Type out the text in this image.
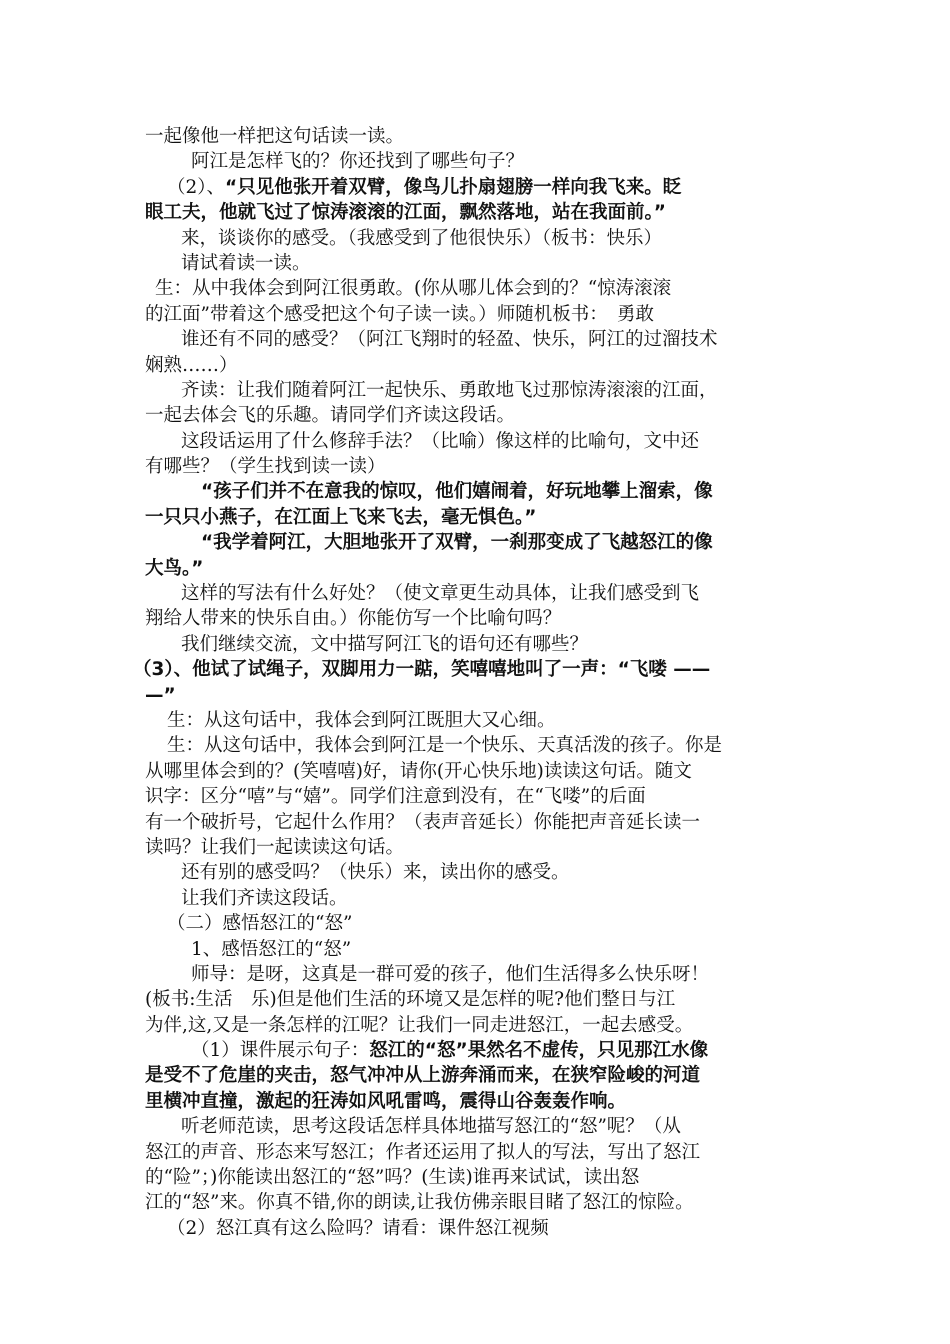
一起像他一样把这句话读一读。
阿江是怎样飞的？你还找到了哪些句子？
（2）、“只见他张开着双臂，像鸟儿扑扇翅膀一样向我飞来。眨
眼工夫，他就飞过了惊涛滚滚的江面，飘然落地，站在我面前。”
来，谈谈你的感受。（我感受到了他很快乐）（板书：快乐）
请试着读一读。
生：从中我体会到阿江很勇敢。(你从哪儿体会到的？“惊涛滚滚
的江面”带着这个感受把这个句子读一读。）师随机板书：　勇敢
谁还有不同的感受？（阿江飞翔时的轻盈、快乐，阿江的过溜技术
娴熟……）
齐读：让我们随着阿江一起快乐、勇敢地飞过那惊涛滚滚的江面，
一起去体会飞的乐趣。请同学们齐读这段话。
这段话运用了什么修辞手法？（比喻）像这样的比喻句，文中还
有哪些？（学生找到读一读）
“孩子们并不在意我的惊叹，他们嬉闹着，好玩地攀上溜索，像
一只只小燕子，在江面上飞来飞去，毫无惧色。”
“我学着阿江，大胆地张开了双臂，一刹那变成了飞越怒江的像
大鸟。”
这样的写法有什么好处？（使文章更生动具体，让我们感受到飞
翔给人带来的快乐自由。）你能仿写一个比喻句吗？
我们继续交流，文中描写阿江飞的语句还有哪些？
（3）、他试了试绳子，双脚用力一踮，笑嘻嘻地叫了一声：“飞喽 ——
—”
生：从这句话中，我体会到阿江既胆大又心细。
生：从这句话中，我体会到阿江是一个快乐、天真活泼的孩子。你是
从哪里体会到的？(笑嘻嘻)好，请你(开心快乐地)读读这句话。随文
识字：区分“嘻”与“嬉”。同学们注意到没有，在“飞喽”的后面
有一个破折号，它起什么作用？（表声音延长）你能把声音延长读一
读吗？让我们一起读读这句话。
还有别的感受吗？（快乐）来，读出你的感受。
让我们齐读这段话。
（二）感悟怒江的“怒”
1、感悟怒江的“怒”
师导：是呀，这真是一群可爱的孩子，他们生活得多么快乐呀！
(板书:生活　乐)但是他们生活的环境又是怎样的呢?他们整日与江
为伴,这,又是一条怎样的江呢？让我们一同走进怒江，一起去感受。
（1）课件展示句子：怒江的“怒”果然名不虚传，只见那江水像
是受不了危崖的夹击，怒气冲冲从上游奔涌而来，在狭窄险峻的河道
里横冲直撞，激起的狂涛如风吼雷鸣，震得山谷轰轰作响。
听老师范读，思考这段话怎样具体地描写怒江的“怒”呢？（从
怒江的声音、形态来写怒江；作者还运用了拟人的写法，写出了怒江
的“险”；)你能读出怒江的“怒”吗？(生读)谁再来试试，读出怒
江的“怒”来。你真不错,你的朗读,让我仿佛亲眼目睹了怒江的惊险。
（2）怒江真有这么险吗？请看：课件怒江视频
